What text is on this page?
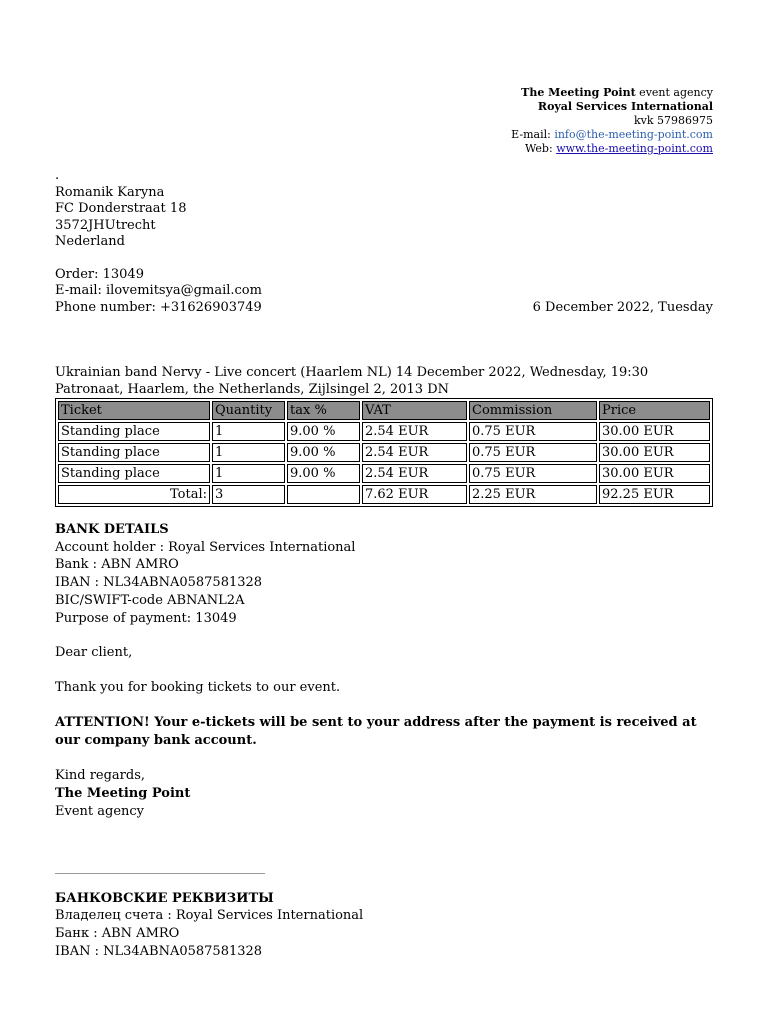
The Meeting Point event agency
Royal Services International
kvk 57986975
E-mail: info@the-meeting-point.com
Web: www.the-meeting-point.com
.
Romanik Karyna
FC Donderstraat 18
3572JHUtrecht
Nederland
Order: 13049
E-mail: ilovemitsya@gmail.com
Phone number: +31626903749	6 December 2022, Tuesday
Ukrainian band Nervy - Live concert (Haarlem NL) 14 December 2022, Wednesday, 19:30
Patronaat, Haarlem, the Netherlands, Zijlsingel 2, 2013 DN
Ticket	Quantity	tax %	VAT	Commission	Price
Standing place	1	9.00 %	2.54 EUR	0.75 EUR	30.00 EUR
Standing place	1	9.00 %	2.54 EUR	0.75 EUR	30.00 EUR
Standing place	1	9.00 %	2.54 EUR	0.75 EUR	30.00 EUR
Total:	3		7.62 EUR	2.25 EUR	92.25 EUR
BANK DETAILS
Account holder : Royal Services International
Bank : ABN AMRO
IBAN : NL34ABNA0587581328
BIC/SWIFT-code ABNANL2A
Purpose of payment: 13049
Dear client,
Thank you for booking tickets to our event.
ATTENTION! Your e-tickets will be sent to your address after the payment is received at our company bank account.
Kind regards,
The Meeting Point
Event agency
БАНКОВСКИЕ РЕКВИЗИТЫ
Владелец счета : Royal Services International
Банк : ABN AMRO
IBAN : NL34ABNA0587581328
